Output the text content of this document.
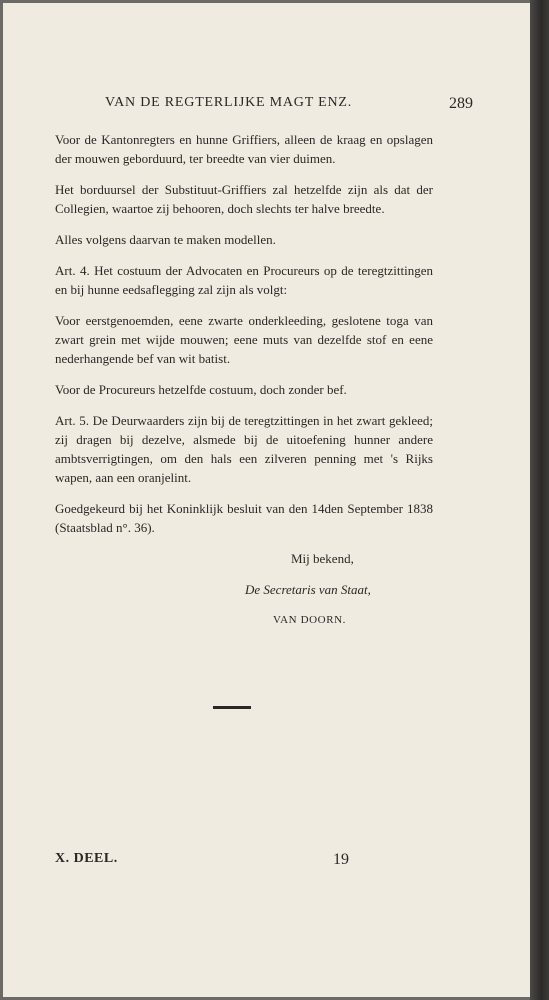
VAN DE REGTERLIJKE MAGT ENZ.	289

Voor de Kantonregters en hunne Griffiers, alleen de kraag en opslagen der mouwen geborduurd, ter breedte van vier duimen.

Het borduursel der Substituut-Griffiers zal hetzelfde zijn als dat der Collegien, waartoe zij behooren, doch slechts ter halve breedte.

Alles volgens daarvan te maken modellen.

Art. 4. Het costuum der Advocaten en Procureurs op de teregtzittingen en bij hunne eedsaflegging zal zijn als volgt:

Voor eerstgenoemden, eene zwarte onderkleeding, geslotene toga van zwart grein met wijde mouwen; eene muts van dezelfde stof en eene nederhangende bef van wit batist.

Voor de Procureurs hetzelfde costuum, doch zonder bef.

Art. 5. De Deurwaarders zijn bij de teregtzittingen in het zwart gekleed; zij dragen bij dezelve, alsmede bij de uitoefening hunner andere ambtsverrigtingen, om den hals een zilveren penning met 's Rijks wapen, aan een oranjelint.

Goedgekeurd bij het Koninklijk besluit van den 14den September 1838 (Staatsblad n°. 36).

Mij bekend,

De Secretaris van Staat,

VAN DOORN.

X. DEEL.	19
